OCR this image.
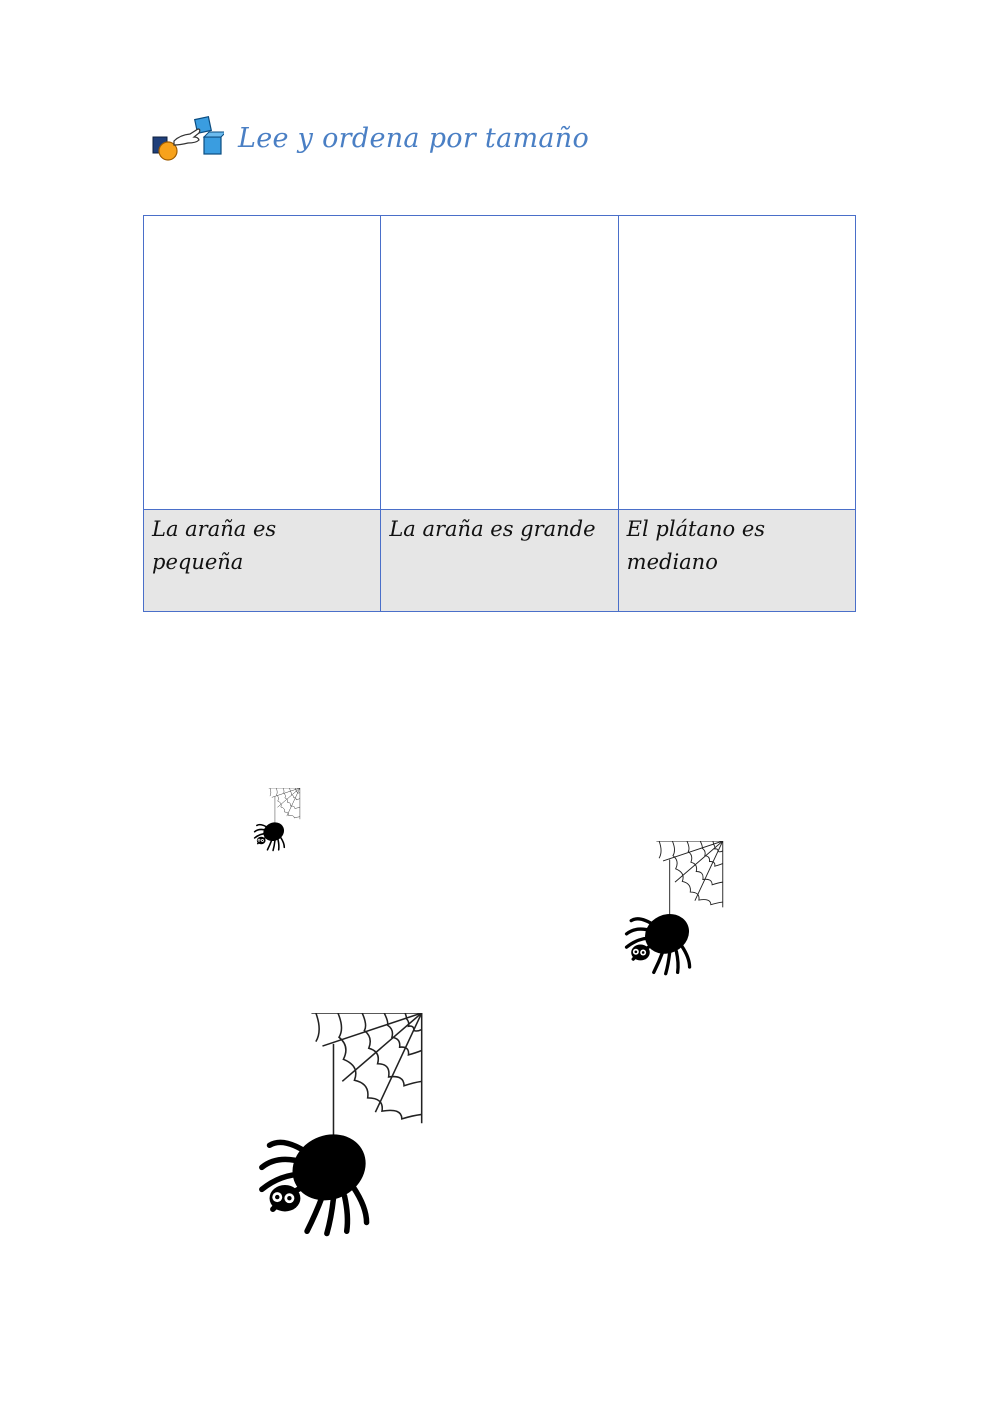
Lee y ordena por tamaño

La araña es pequeña	La araña es grande	El plátano es mediano
